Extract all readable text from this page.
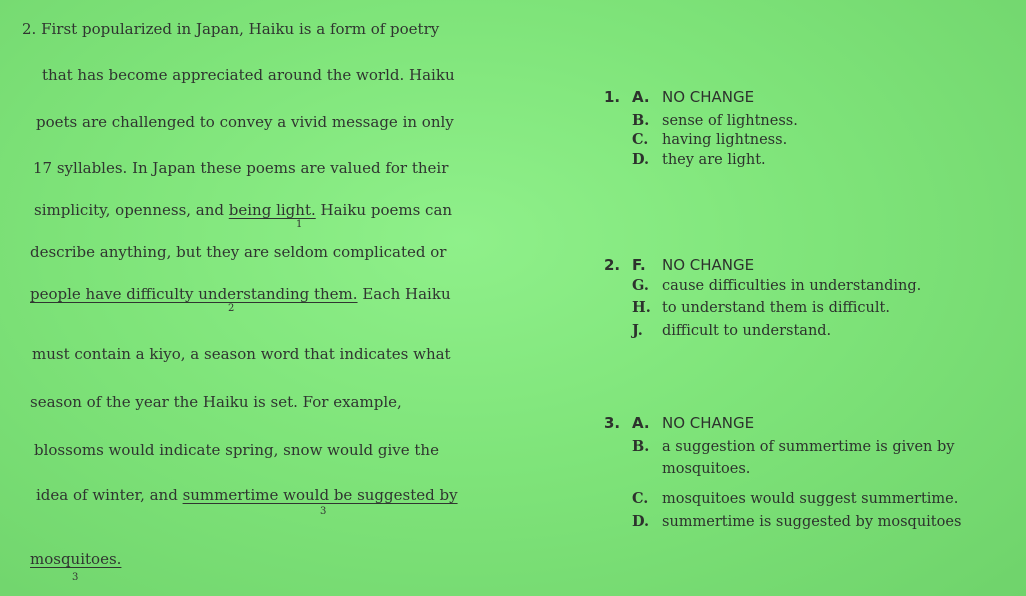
2. First popularized in Japan, Haiku is a form of poetry
that has become appreciated around the world. Haiku
poets are challenged to convey a vivid message in only
17 syllables. In Japan these poems are valued for their
simplicity, openness, and being light. Haiku poems can
1
describe anything, but they are seldom complicated or
people have difficulty understanding them. Each Haiku
2
must contain a kiyo, a season word that indicates what
season of the year the Haiku is set. For example,
blossoms would indicate spring, snow would give the
idea of winter, and summertime would be suggested by
3
mosquitoes.
3
1. A. NO CHANGE
B. sense of lightness.
C. having lightness.
D. they are light.
2. F. NO CHANGE
G. cause difficulties in understanding.
H. to understand them is difficult.
J. difficult to understand.
3. A. NO CHANGE
B. a suggestion of summertime is given by
mosquitoes.
C. mosquitoes would suggest summertime.
D. summertime is suggested by mosquitoes
